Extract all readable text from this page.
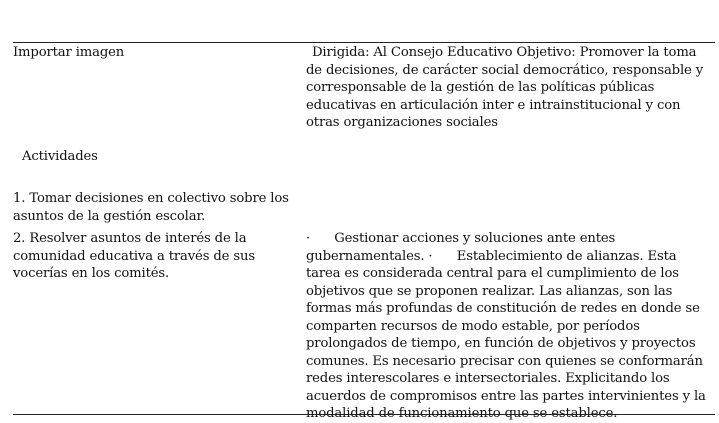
Importar imagen	Dirigida: Al Consejo Educativo Objetivo: Promover la toma de decisiones, de carácter social democrático, responsable y corresponsable de la gestión de las políticas públicas educativas en articulación inter e intrainstitucional y con otras organizaciones sociales
Actividades
1. Tomar decisiones en colectivo sobre los asuntos de la gestión escolar.
2. Resolver asuntos de interés de la comunidad educativa a través de sus vocerías en los comités.
·      Gestionar acciones y soluciones ante entes gubernamentales. ·      Establecimiento de alianzas. Esta tarea es considerada central para el cumplimiento de los objetivos que se proponen realizar. Las alianzas, son las formas más profundas de constitución de redes en donde se comparten recursos de modo estable, por períodos prolongados de tiempo, en función de objetivos y proyectos comunes. Es necesario precisar con quienes se conformarán redes interescolares e intersectoriales. Explicitando los acuerdos de compromisos entre las partes intervinientes y la modalidad de funcionamiento que se establece.
